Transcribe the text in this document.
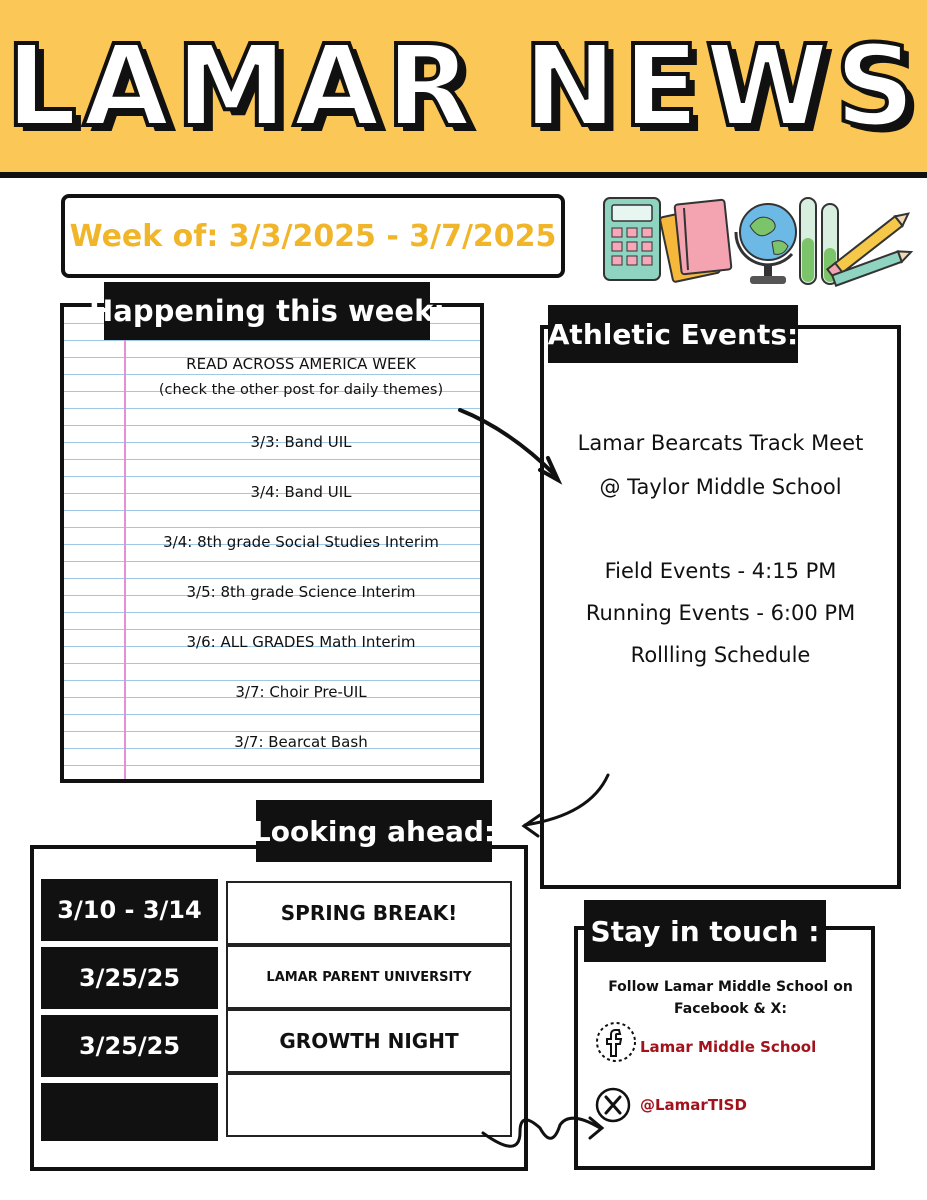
LAMAR NEWS
Week of: 3/3/2025 - 3/7/2025
READ ACROSS AMERICA WEEK
(check the other post for daily themes)
3/3: Band UIL
3/4: Band UIL
3/4: 8th grade Social Studies Interim
3/5: 8th grade Science Interim
3/6: ALL GRADES Math Interim
3/7: Choir Pre-UIL
3/7: Bearcat Bash
Happening this week:
Lamar Bearcats Track Meet
@ Taylor Middle School
Field Events - 4:15 PM
Running Events - 6:00 PM
Rollling Schedule
Athletic Events:
3/10 - 3/14
3/25/25
3/25/25
SPRING BREAK!
LAMAR PARENT UNIVERSITY
GROWTH NIGHT
Looking ahead:
Follow Lamar Middle School on Facebook & X:
Lamar Middle School
@LamarTISD
Stay in touch :
